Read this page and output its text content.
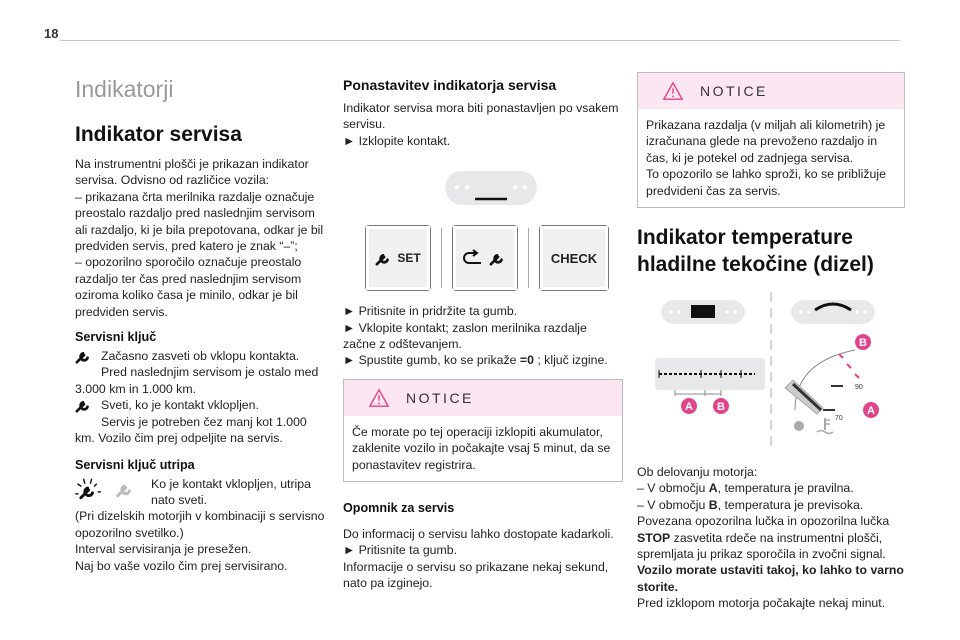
18
Indikatorji
Indikator servisa
Na instrumentni plošči je prikazan indikator servisa. Odvisno od različice vozila:
– prikazana črta merilnika razdalje označuje preostalo razdaljo pred naslednjim servisom ali razdaljo, ki je bila prepotovana, odkar je bil predviden servis, pred katero je znak “–”;
– opozorilno sporočilo označuje preostalo razdaljo ter čas pred naslednjim servisom oziroma koliko časa je minilo, odkar je bil predviden servis.
Servisni ključ
Začasno zasveti ob vklopu kontakta.
Pred naslednjim servisom je ostalo med 3.000 km in 1.000 km.
Sveti, ko je kontakt vklopljen.
Servis je potreben čez manj kot 1.000 km. Vozilo čim prej odpeljite na servis.
Servisni ključ utripa
Ko je kontakt vklopljen, utripa nato sveti.
(Pri dizelskih motorjih v kombinaciji s servisno opozorilno svetilko.)
Interval servisiranja je presežen.
Naj bo vaše vozilo čim prej servisirano.
Ponastavitev indikatorja servisa
Indikator servisa mora biti ponastavljen po vsakem servisu.
► Izklopite kontakt.
SET	CHECK
► Pritisnite in pridržite ta gumb.
► Vklopite kontakt; zaslon merilnika razdalje začne z odštevanjem.
► Spustite gumb, ko se prikaže =0 ; ključ izgine.
NOTICE
Če morate po tej operaciji izklopiti akumulator, zaklenite vozilo in počakajte vsaj 5 minut, da se ponastavitev registrira.
Opomnik za servis
Do informacij o servisu lahko dostopate kadarkoli.
► Pritisnite ta gumb.
Informacije o servisu so prikazane nekaj sekund, nato pa izginejo.
NOTICE
Prikazana razdalja (v miljah ali kilometrih) je izračunana glede na prevoženo razdaljo in čas, ki je potekel od zadnjega servisa.
To opozorilo se lahko sproži, ko se približuje predvideni čas za servis.
Indikator temperature
hladilne tekočine (dizel)
A B
90
70
B
A
Ob delovanju motorja:
– V območju A, temperatura je pravilna.
– V območju B, temperatura je previsoka.
Povezana opozorilna lučka in opozorilna lučka STOP zasvetita rdeče na instrumentni plošči, spremljata ju prikaz sporočila in zvočni signal.
Vozilo morate ustaviti takoj, ko lahko to varno storite.
Pred izklopom motorja počakajte nekaj minut.
